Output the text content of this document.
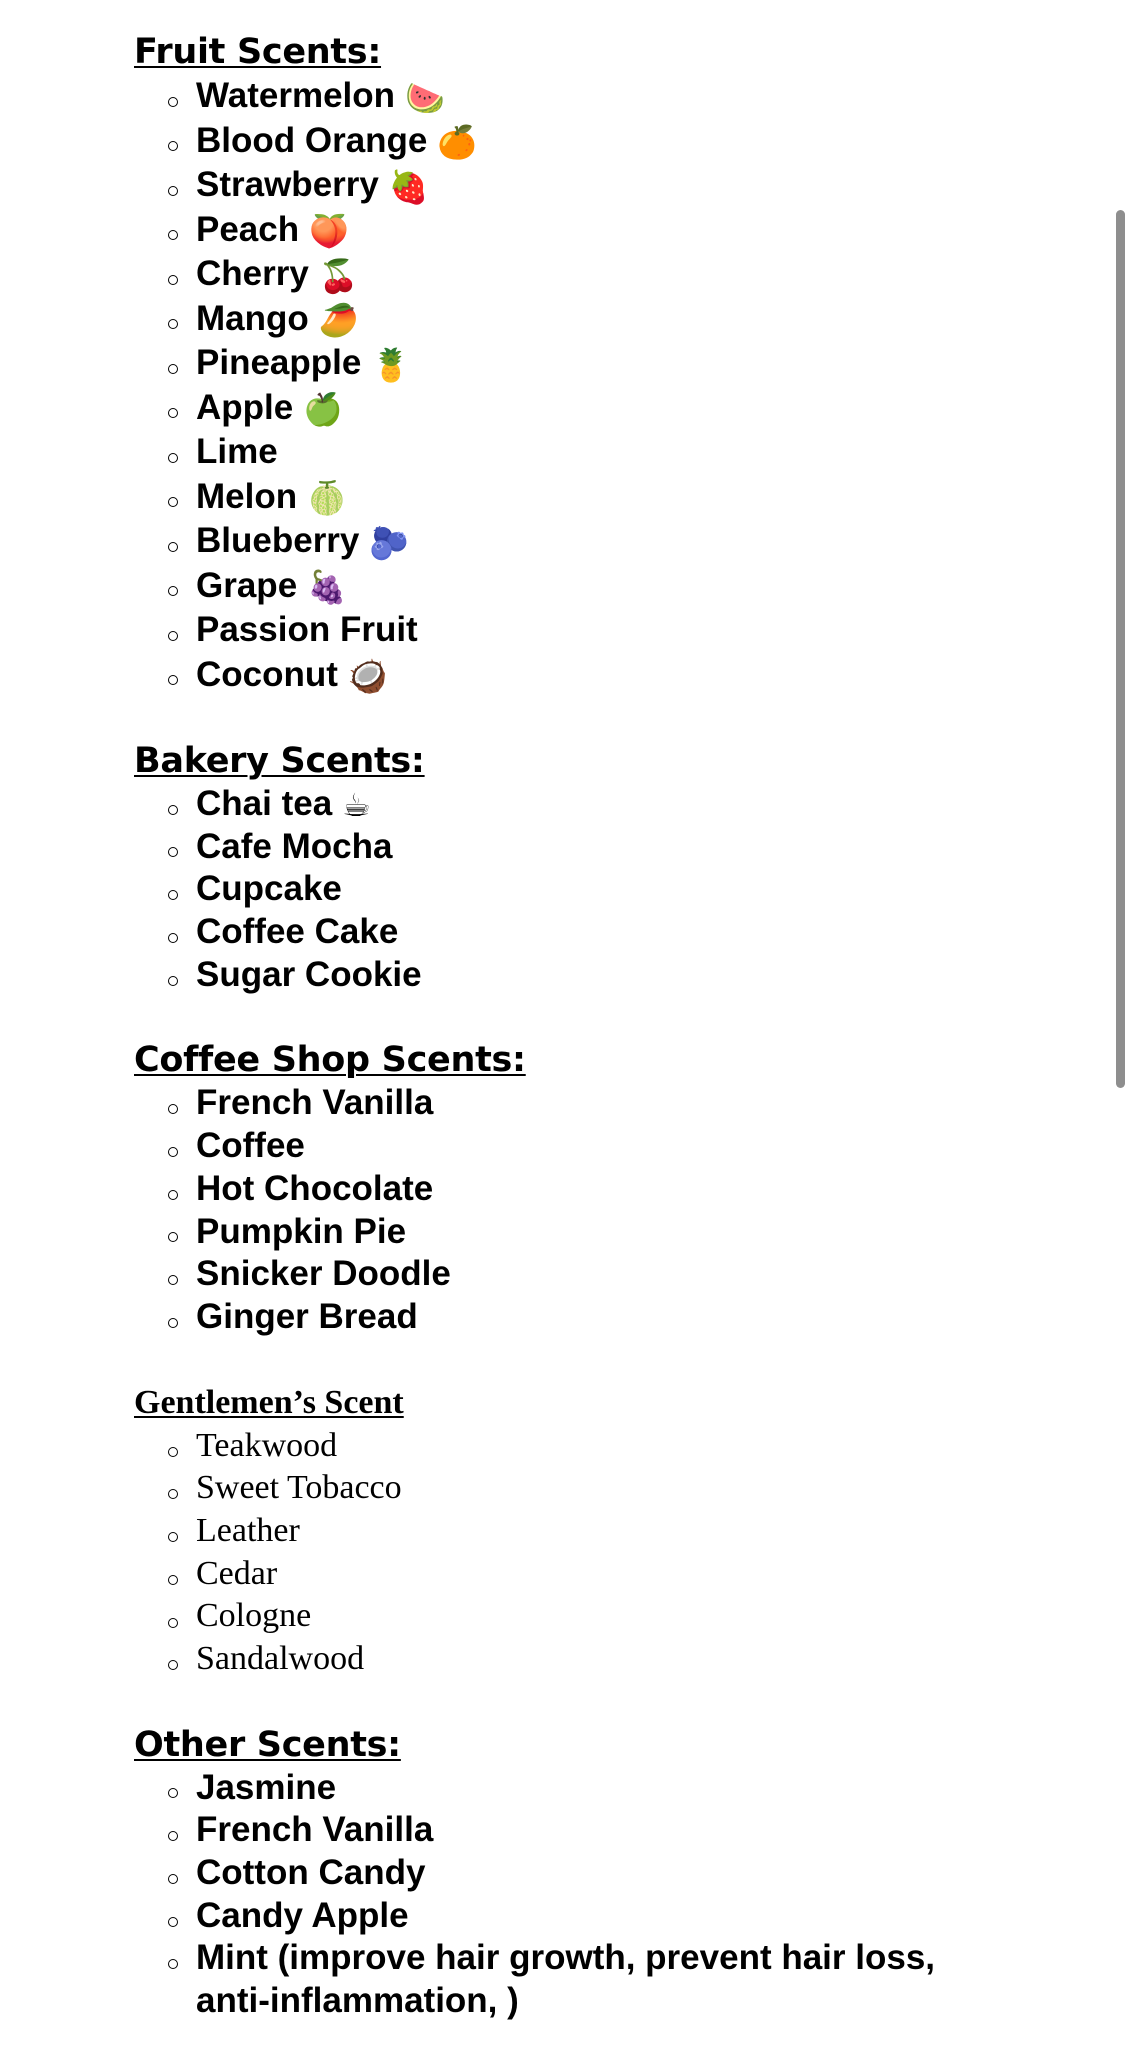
Fruit Scents:
Watermelon 🍉
Blood Orange 🍊
Strawberry 🍓
Peach 🍑
Cherry 🍒
Mango 🥭
Pineapple 🍍
Apple 🍏
Lime
Melon 🍈
Blueberry 🫐
Grape 🍇
Passion Fruit
Coconut 🥥
Bakery Scents:
Chai tea ☕
Cafe Mocha
Cupcake
Coffee Cake
Sugar Cookie
Coffee Shop Scents:
French Vanilla
Coffee
Hot Chocolate
Pumpkin Pie
Snicker Doodle
Ginger Bread
Gentlemen’s Scent
Teakwood
Sweet Tobacco
Leather
Cedar
Cologne
Sandalwood
Other Scents:
Jasmine
French Vanilla
Cotton Candy
Candy Apple
Mint (improve hair growth, prevent hair loss, anti-inflammation, )
